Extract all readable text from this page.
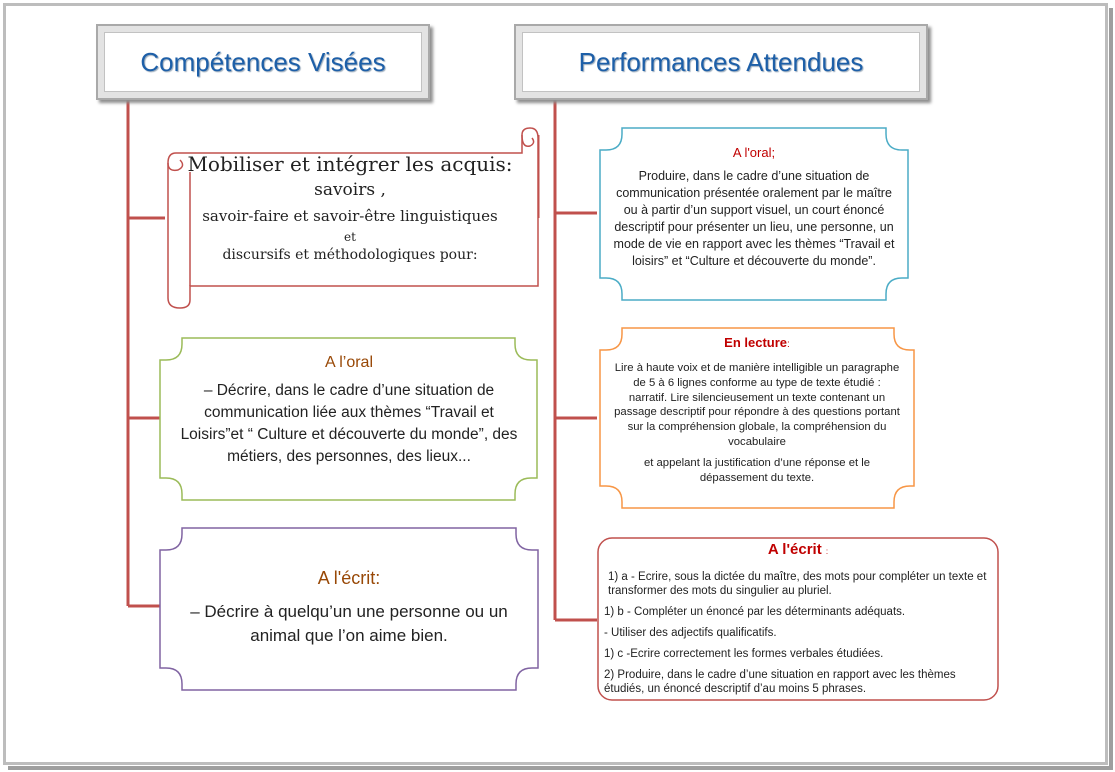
Compétences Visées	Performances Attendues
Mobiliser et intégrer les acquis:
savoirs ,
savoir-faire et savoir-être linguistiques
et
discursifs et méthodologiques pour:
A l’oral
– Décrire, dans le cadre d’une situation de communication liée aux thèmes “Travail et Loisirs”et “ Culture et découverte du monde”, des métiers, des personnes, des lieux...
A l'écrit:
– Décrire à quelqu’un une personne ou un animal que l’on aime bien.
A l'oral;
Produire, dans le cadre d’une situation de communication présentée oralement par le maître ou à partir d’un support visuel, un court énoncé descriptif pour présenter un lieu, une personne, un mode de vie en rapport avec les thèmes “Travail et loisirs” et “Culture et découverte du monde”.
En lecture:
Lire à haute voix et de manière intelligible un paragraphe de 5 à 6 lignes conforme au type de texte étudié : narratif. Lire silencieusement un texte contenant un passage descriptif pour répondre à des questions portant sur la compréhension globale, la compréhension du vocabulaire
et appelant la justification d’une réponse et le dépassement du texte.
A l'écrit :
1) a - Ecrire, sous la dictée du maître, des mots pour compléter un texte et transformer des mots du singulier au pluriel.
1) b - Compléter un énoncé par les déterminants adéquats.
- Utiliser des adjectifs qualificatifs.
1) c -Ecrire correctement les formes verbales étudiées.
2) Produire, dans le cadre d’une situation en rapport avec les thèmes étudiés, un énoncé descriptif d’au moins 5 phrases.
